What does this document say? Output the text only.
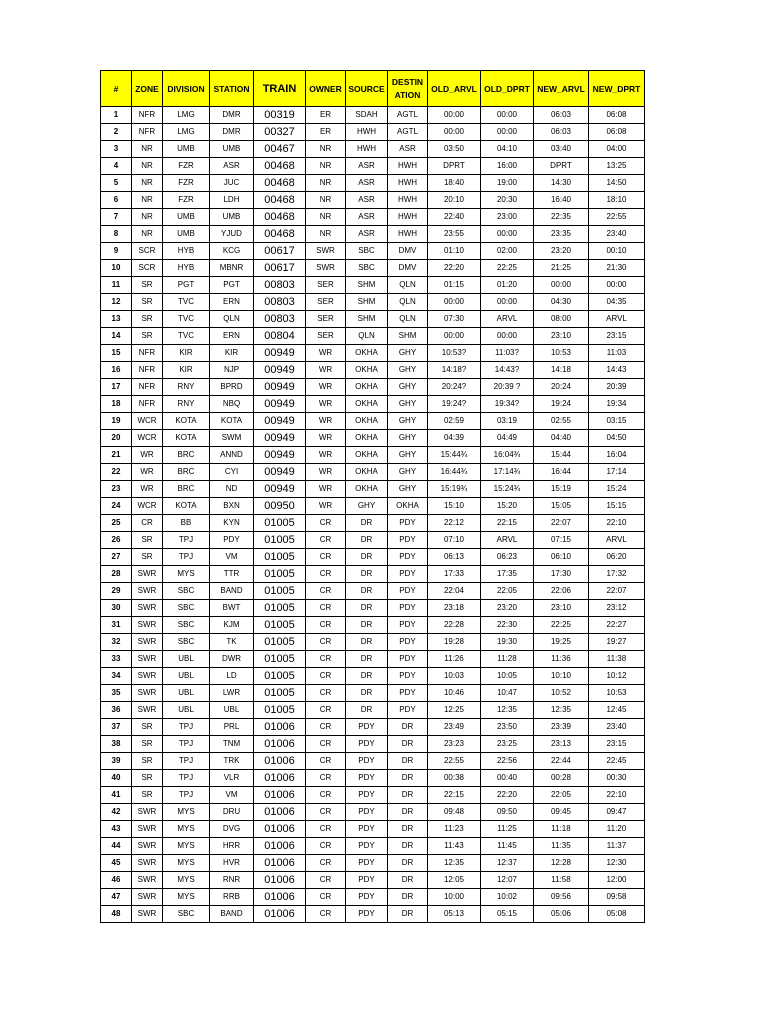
#	ZONE	DIVISION	STATION	TRAIN	OWNER	SOURCE	DESTIN ATION	OLD_ARVL	OLD_DPRT	NEW_ARVL	NEW_DPRT
1	NFR	LMG	DMR	00319	ER	SDAH	AGTL	00:00	00:00	06:03	06:08
2	NFR	LMG	DMR	00327	ER	HWH	AGTL	00:00	00:00	06:03	06:08
3	NR	UMB	UMB	00467	NR	HWH	ASR	03:50	04:10	03:40	04:00
4	NR	FZR	ASR	00468	NR	ASR	HWH	DPRT	16:00	DPRT	13:25
5	NR	FZR	JUC	00468	NR	ASR	HWH	18:40	19:00	14:30	14:50
6	NR	FZR	LDH	00468	NR	ASR	HWH	20:10	20:30	16:40	18:10
7	NR	UMB	UMB	00468	NR	ASR	HWH	22:40	23:00	22:35	22:55
8	NR	UMB	YJUD	00468	NR	ASR	HWH	23:55	00:00	23:35	23:40
9	SCR	HYB	KCG	00617	SWR	SBC	DMV	01:10	02:00	23:20	00:10
10	SCR	HYB	MBNR	00617	SWR	SBC	DMV	22:20	22:25	21:25	21:30
11	SR	PGT	PGT	00803	SER	SHM	QLN	01:15	01:20	00:00	00:00
12	SR	TVC	ERN	00803	SER	SHM	QLN	00:00	00:00	04:30	04:35
13	SR	TVC	QLN	00803	SER	SHM	QLN	07:30	ARVL	08:00	ARVL
14	SR	TVC	ERN	00804	SER	QLN	SHM	00:00	00:00	23:10	23:15
15	NFR	KIR	KIR	00949	WR	OKHA	GHY	10:53?	11:03?	10:53	11:03
16	NFR	KIR	NJP	00949	WR	OKHA	GHY	14:18?	14:43?	14:18	14:43
17	NFR	RNY	BPRD	00949	WR	OKHA	GHY	20:24?	20:39 ?	20:24	20:39
18	NFR	RNY	NBQ	00949	WR	OKHA	GHY	19:24?	19:34?	19:24	19:34
19	WCR	KOTA	KOTA	00949	WR	OKHA	GHY	02:59	03:19	02:55	03:15
20	WCR	KOTA	SWM	00949	WR	OKHA	GHY	04:39	04:49	04:40	04:50
21	WR	BRC	ANND	00949	WR	OKHA	GHY	15:44¾	16:04¾	15:44	16:04
22	WR	BRC	CYI	00949	WR	OKHA	GHY	16:44¾	17:14¾	16:44	17:14
23	WR	BRC	ND	00949	WR	OKHA	GHY	15:19¾	15:24¾	15:19	15:24
24	WCR	KOTA	BXN	00950	WR	GHY	OKHA	15:10	15:20	15:05	15:15
25	CR	BB	KYN	01005	CR	DR	PDY	22:12	22:15	22:07	22:10
26	SR	TPJ	PDY	01005	CR	DR	PDY	07:10	ARVL	07:15	ARVL
27	SR	TPJ	VM	01005	CR	DR	PDY	06:13	06:23	06:10	06:20
28	SWR	MYS	TTR	01005	CR	DR	PDY	17:33	17:35	17:30	17:32
29	SWR	SBC	BAND	01005	CR	DR	PDY	22:04	22:05	22:06	22:07
30	SWR	SBC	BWT	01005	CR	DR	PDY	23:18	23:20	23:10	23:12
31	SWR	SBC	KJM	01005	CR	DR	PDY	22:28	22:30	22:25	22:27
32	SWR	SBC	TK	01005	CR	DR	PDY	19:28	19:30	19:25	19:27
33	SWR	UBL	DWR	01005	CR	DR	PDY	11:26	11:28	11:36	11:38
34	SWR	UBL	LD	01005	CR	DR	PDY	10:03	10:05	10:10	10:12
35	SWR	UBL	LWR	01005	CR	DR	PDY	10:46	10:47	10:52	10:53
36	SWR	UBL	UBL	01005	CR	DR	PDY	12:25	12:35	12:35	12:45
37	SR	TPJ	PRL	01006	CR	PDY	DR	23:49	23:50	23:39	23:40
38	SR	TPJ	TNM	01006	CR	PDY	DR	23:23	23:25	23:13	23:15
39	SR	TPJ	TRK	01006	CR	PDY	DR	22:55	22:56	22:44	22:45
40	SR	TPJ	VLR	01006	CR	PDY	DR	00:38	00:40	00:28	00:30
41	SR	TPJ	VM	01006	CR	PDY	DR	22:15	22:20	22:05	22:10
42	SWR	MYS	DRU	01006	CR	PDY	DR	09:48	09:50	09:45	09:47
43	SWR	MYS	DVG	01006	CR	PDY	DR	11:23	11:25	11:18	11:20
44	SWR	MYS	HRR	01006	CR	PDY	DR	11:43	11:45	11:35	11:37
45	SWR	MYS	HVR	01006	CR	PDY	DR	12:35	12:37	12:28	12:30
46	SWR	MYS	RNR	01006	CR	PDY	DR	12:05	12:07	11:58	12:00
47	SWR	MYS	RRB	01006	CR	PDY	DR	10:00	10:02	09:56	09:58
48	SWR	SBC	BAND	01006	CR	PDY	DR	05:13	05:15	05:06	05:08
